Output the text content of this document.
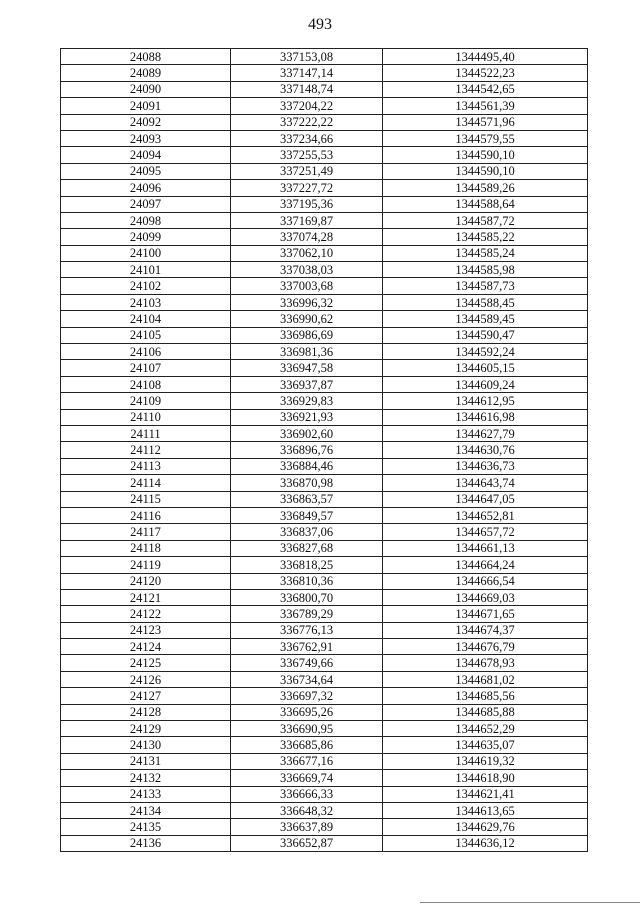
493
24088	337153,08	1344495,40
24089	337147,14	1344522,23
24090	337148,74	1344542,65
24091	337204,22	1344561,39
24092	337222,22	1344571,96
24093	337234,66	1344579,55
24094	337255,53	1344590,10
24095	337251,49	1344590,10
24096	337227,72	1344589,26
24097	337195,36	1344588,64
24098	337169,87	1344587,72
24099	337074,28	1344585,22
24100	337062,10	1344585,24
24101	337038,03	1344585,98
24102	337003,68	1344587,73
24103	336996,32	1344588,45
24104	336990,62	1344589,45
24105	336986,69	1344590,47
24106	336981,36	1344592,24
24107	336947,58	1344605,15
24108	336937,87	1344609,24
24109	336929,83	1344612,95
24110	336921,93	1344616,98
24111	336902,60	1344627,79
24112	336896,76	1344630,76
24113	336884,46	1344636,73
24114	336870,98	1344643,74
24115	336863,57	1344647,05
24116	336849,57	1344652,81
24117	336837,06	1344657,72
24118	336827,68	1344661,13
24119	336818,25	1344664,24
24120	336810,36	1344666,54
24121	336800,70	1344669,03
24122	336789,29	1344671,65
24123	336776,13	1344674,37
24124	336762,91	1344676,79
24125	336749,66	1344678,93
24126	336734,64	1344681,02
24127	336697,32	1344685,56
24128	336695,26	1344685,88
24129	336690,95	1344652,29
24130	336685,86	1344635,07
24131	336677,16	1344619,32
24132	336669,74	1344618,90
24133	336666,33	1344621,41
24134	336648,32	1344613,65
24135	336637,89	1344629,76
24136	336652,87	1344636,12
